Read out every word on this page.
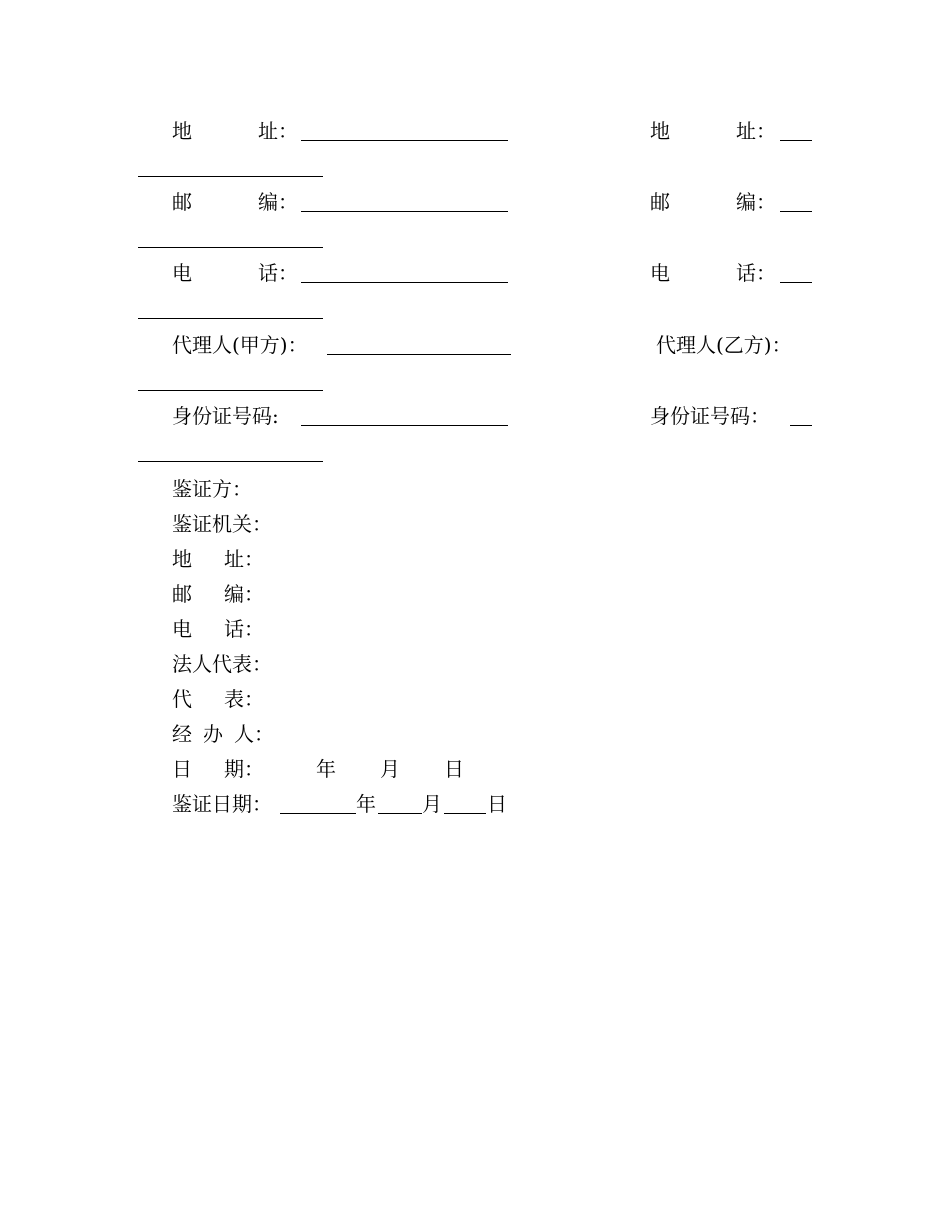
地	址：	地	址：
邮	编：	邮	编：
电	话：	电	话：
代理人(甲方)：	代理人(乙方)：
身份证号码:	身份证号码：
鉴证方：
鉴证机关：
地 址：
邮 编：
电 话：
法人代表：
代 表：
经 办 人：
日 期：	年 月 日
鉴证日期：	年 月 日
